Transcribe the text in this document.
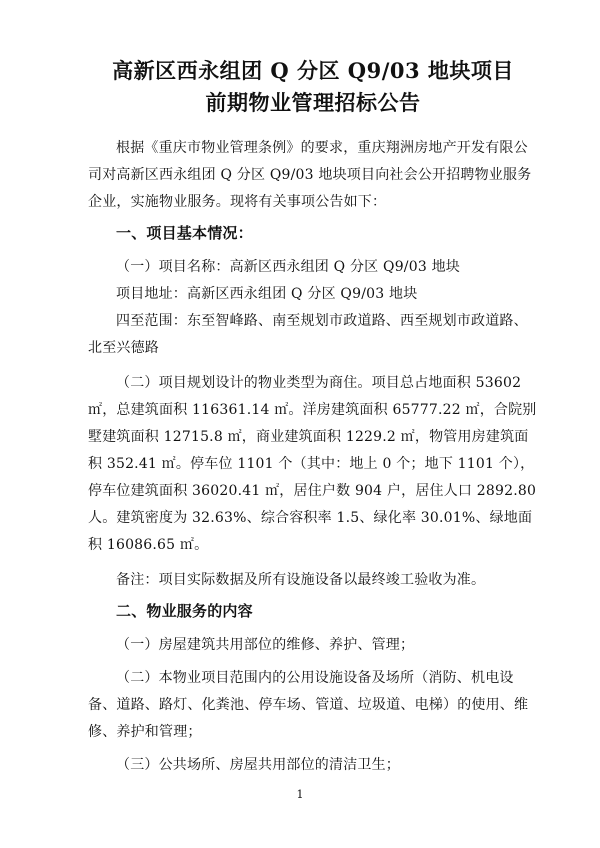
高新区西永组团 Q 分区 Q9/03 地块项目
前期物业管理招标公告

根据《重庆市物业管理条例》的要求，重庆翔洲房地产开发有限公司对高新区西永组团 Q 分区 Q9/03 地块项目向社会公开招聘物业服务企业，实施物业服务。现将有关事项公告如下：

一、项目基本情况：

（一）项目名称：高新区西永组团 Q 分区 Q9/03 地块

项目地址：高新区西永组团 Q 分区 Q9/03 地块

四至范围：东至智峰路、南至规划市政道路、西至规划市政道路、北至兴德路

（二）项目规划设计的物业类型为商住。项目总占地面积 53602 ㎡，总建筑面积 116361.14 ㎡。洋房建筑面积 65777.22 ㎡，合院别墅建筑面积 12715.8 ㎡，商业建筑面积 1229.2 ㎡，物管用房建筑面积 352.41 ㎡。停车位 1101 个（其中：地上 0 个；地下 1101 个），停车位建筑面积 36020.41 ㎡，居住户数 904 户，居住人口 2892.80 人。建筑密度为 32.63%、综合容积率 1.5、绿化率 30.01%、绿地面积 16086.65 ㎡。

备注：项目实际数据及所有设施设备以最终竣工验收为准。

二、物业服务的内容

（一）房屋建筑共用部位的维修、养护、管理；

（二）本物业项目范围内的公用设施设备及场所（消防、机电设备、道路、路灯、化粪池、停车场、管道、垃圾道、电梯）的使用、维修、养护和管理；

（三）公共场所、房屋共用部位的清洁卫生；

1
